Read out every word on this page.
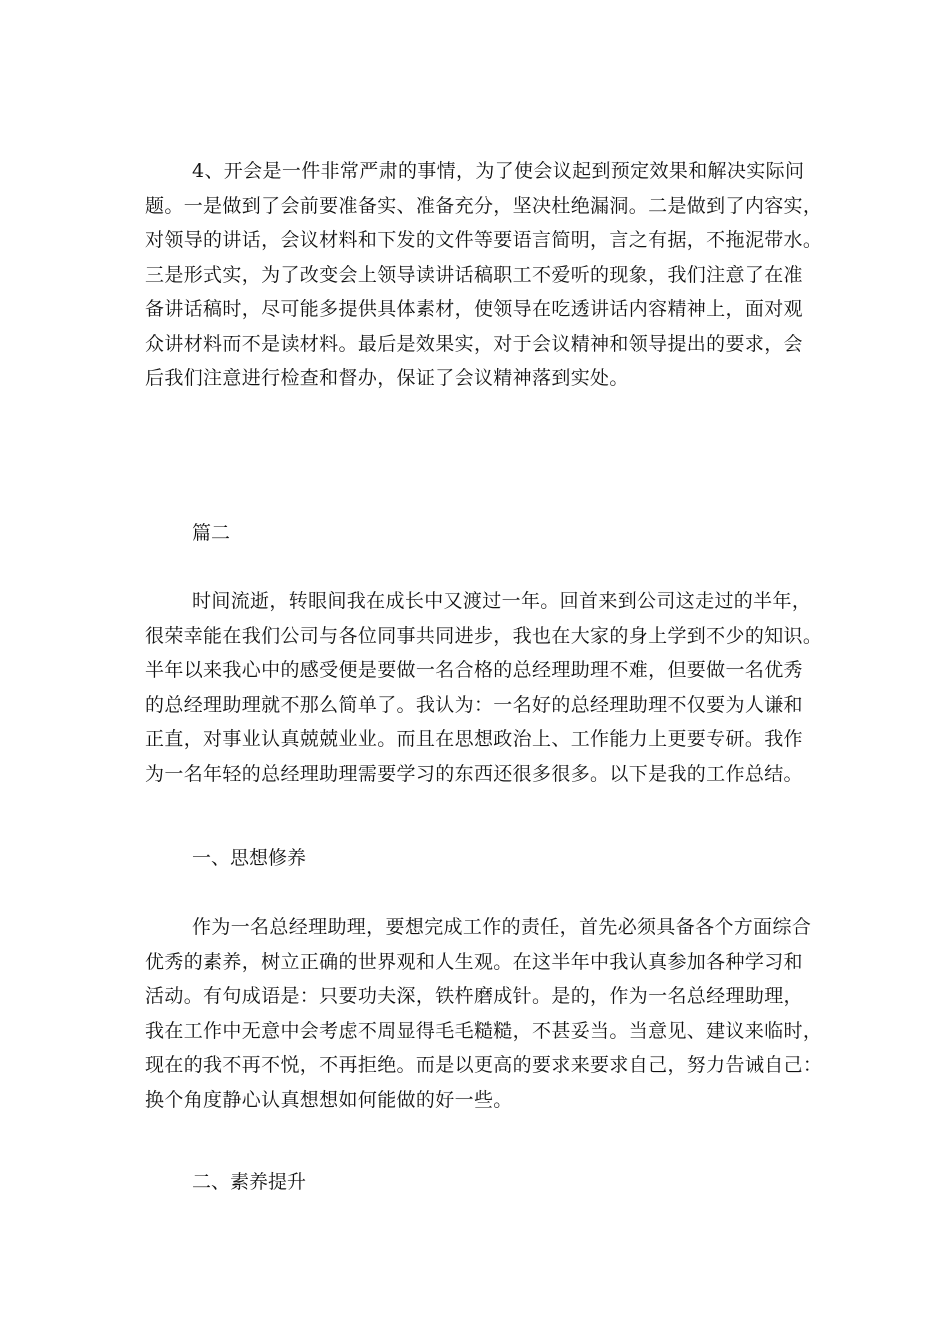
4、开会是一件非常严肃的事情，为了使会议起到预定效果和解决实际问
题。一是做到了会前要准备实、准备充分，坚决杜绝漏洞。二是做到了内容实，
对领导的讲话，会议材料和下发的文件等要语言简明，言之有据，不拖泥带水。
三是形式实，为了改变会上领导读讲话稿职工不爱听的现象，我们注意了在准
备讲话稿时，尽可能多提供具体素材，使领导在吃透讲话内容精神上，面对观
众讲材料而不是读材料。最后是效果实，对于会议精神和领导提出的要求，会
后我们注意进行检查和督办，保证了会议精神落到实处。
篇二
时间流逝，转眼间我在成长中又渡过一年。回首来到公司这走过的半年，
很荣幸能在我们公司与各位同事共同进步，我也在大家的身上学到不少的知识。
半年以来我心中的感受便是要做一名合格的总经理助理不难，但要做一名优秀
的总经理助理就不那么简单了。我认为：一名好的总经理助理不仅要为人谦和
正直，对事业认真兢兢业业。而且在思想政治上、工作能力上更要专研。我作
为一名年轻的总经理助理需要学习的东西还很多很多。以下是我的工作总结。
一、思想修养
作为一名总经理助理，要想完成工作的责任，首先必须具备各个方面综合
优秀的素养，树立正确的世界观和人生观。在这半年中我认真参加各种学习和
活动。有句成语是：只要功夫深，铁杵磨成针。是的，作为一名总经理助理，
我在工作中无意中会考虑不周显得毛毛糙糙，不甚妥当。当意见、建议来临时，
现在的我不再不悦，不再拒绝。而是以更高的要求来要求自己，努力告诫自己：
换个角度静心认真想想如何能做的好一些。
二、素养提升
